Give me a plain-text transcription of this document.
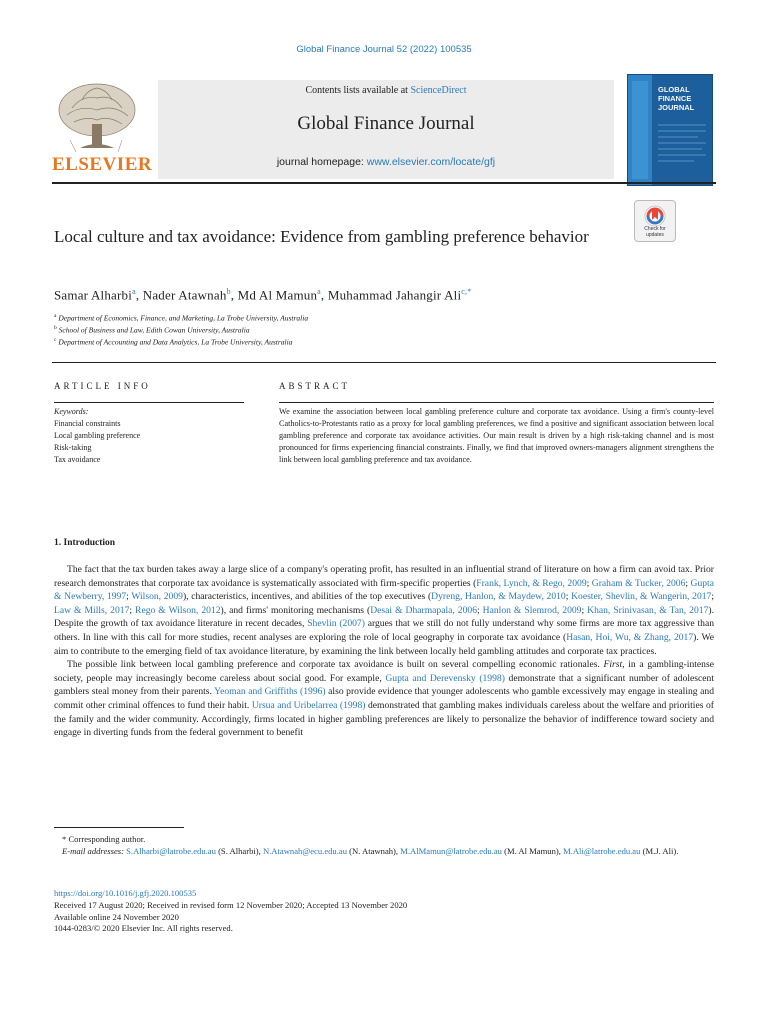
Global Finance Journal 52 (2022) 100535
ELSEVIER
Contents lists available at ScienceDirect
Global Finance Journal
journal homepage: www.elsevier.com/locate/gfj
GLOBAL FINANCE JOURNAL
Local culture and tax avoidance: Evidence from gambling preference behavior	Check for updates
Samar Alharbi$^a$, Nader Atawnah$^b$, Md Al Mamun$^a$, Muhammad Jahangir Ali$^{c,*}$
$^a$ Department of Economics, Finance, and Marketing, La Trobe University, Australia
$^b$ School of Business and Law, Edith Cowan University, Australia
$^c$ Department of Accounting and Data Analytics, La Trobe University, Australia
ARTICLE INFO	ABSTRACT
Keywords:
Financial constraints
Local gambling preference
Risk-taking
Tax avoidance
We examine the association between local gambling preference culture and corporate tax avoidance. Using a firm's county-level Catholics-to-Protestants ratio as a proxy for local gambling preferences, we find a positive and significant association between local gambling preference and corporate tax avoidance activities. Our main result is driven by a high risk-taking channel and is most pronounced for firms experiencing financial constraints. Finally, we find that improved owners-managers alignment strengthens the link between local gambling preference and tax avoidance.
1. Introduction

The fact that the tax burden takes away a large slice of a company's operating profit, has resulted in an influential strand of literature on how a firm can avoid tax. Prior research demonstrates that corporate tax avoidance is systematically associated with firm-specific properties (Frank, Lynch, & Rego, 2009; Graham & Tucker, 2006; Gupta & Newberry, 1997; Wilson, 2009), characteristics, incentives, and abilities of the top executives (Dyreng, Hanlon, & Maydew, 2010; Koester, Shevlin, & Wangerin, 2017; Law & Mills, 2017; Rego & Wilson, 2012), and firms' monitoring mechanisms (Desai & Dharmapala, 2006; Hanlon & Slemrod, 2009; Khan, Srinivasan, & Tan, 2017). Despite the growth of tax avoidance literature in recent decades, Shevlin (2007) argues that we still do not fully understand why some firms are more tax aggressive than others. In line with this call for more studies, recent analyses are exploring the role of local geography in corporate tax avoidance (Hasan, Hoi, Wu, & Zhang, 2017). We aim to contribute to the emerging field of tax avoidance literature, by examining the link between locally held gambling attitudes and corporate tax practices.

The possible link between local gambling preference and corporate tax avoidance is built on several compelling economic rationales. First, in a gambling-intense society, people may increasingly become careless about social good. For example, Gupta and Derevensky (1998) demonstrate that a significant number of adolescent gamblers steal money from their parents. Yeoman and Griffiths (1996) also provide evidence that younger adolescents who gamble excessively may engage in stealing and commit other criminal offences to fund their habit. Ursua and Uribelarrea (1998) demonstrated that gambling makes individuals careless about the welfare and priorities of the family and the wider community. Accordingly, firms located in higher gambling preferences are likely to personalize the behavior of indifference toward society and engage in diverting funds from the federal government to benefit

* Corresponding author.

E-mail addresses: S.Alharbi@latrobe.edu.au (S. Alharbi), N.Atawnah@ecu.edu.au (N. Atawnah), M.AlMamun@latrobe.edu.au (M. Al Mamun), M.Ali@latrobe.edu.au (M.J. Ali).

https://doi.org/10.1016/j.gfj.2020.100535

Received 17 August 2020; Received in revised form 12 November 2020; Accepted 13 November 2020

Available online 24 November 2020

1044-0283/© 2020 Elsevier Inc. All rights reserved.
